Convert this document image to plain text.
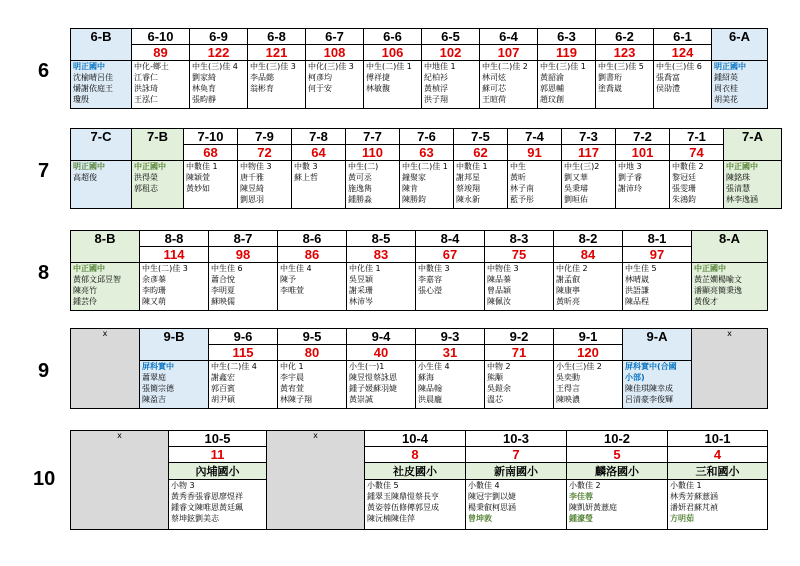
6
6-B	6-10	6-9	6-8	6-7	6-6	6-5	6-4	6-3	6-2	6-1	6-A
	89	122	121	108	106	102	107	119	123	124	

明正國中
沈榆晴呂佳
爝謝依庭王
瓊殷	中化-鄉土
江睿仁
洪詠琦
王泓仁	中生(三)佳 4
劉家綺
林奐育
張畇靜	中生(三)佳 3
李品懿
翁彬育	中化(三)佳 3
柯彥均
何于安	中生(二)佳 1
傅祥捷
林敏馥	中地佳 1
紀柏衫
黃楨浮
洪子翔	中生(二)佳 2
林司炫
蘇可芯
王暄荷	中生(三)佳 1
黃韶渝
郭恩輔
趙玟創	中生(三)佳 5
劉書珩
塗喬崴	中生(三)佳 6
張喬富
侯劭澧	明正國中
鍾紹英
周衣桂
胡美花
7
7-C	7-B	7-10	7-9	7-8	7-7	7-6	7-5	7-4	7-3	7-2	7-1	7-A
		68	72	64	110	63	62	91	117	101	74	

明正國中
高超俊	中正國中
洪得榮
郭租志	中數佳 1
陳穎萱
黃妙如	中物佳 3
唐千雅
陳昱綺
劉恩羽	中數 3
蘇上哲	中生(二)
黃可丞
施逸雋
鍾勝淼	中生(二)佳 1
鐘聚家
陳肯
陳勝鈞	中數佳 1
謝邦星
蔡竣翔
陳永新	中生
黃昕
林子南
藍予彤	中生(三)2
劉又華
吳秉璿
劉晅佑	中地 3
劉子睿
謝沛玲	中數佳 2
黎冠廷
張雯珊
朱鴻鈞	中正國中
陳銘珠
張清慧
林李逸涵
8
8-B	8-8	8-7	8-6	8-5	8-4	8-3	8-2	8-1	8-A
	114	98	86	83	67	75	84	97	

中正國中
黃郁文邱昱智
陳亮竹
鍾芸伶	中生(二)佳 3
余彥蓁
李昀珊
陳又萌	中生佳 6
蕭合悅
李明夏
蘇映儒	中生佳 4
陳予
李唯萱	中化佳 1
吳昱穎
謝采珊
林沛岑	中數佳 3
李嘉容
張心瀅	中物佳 3
陳品蓁
曾品穎
陳佩汝	中化佳 2
謝孟叡
陳康寧
黃昕亮	中生佳 5
林晴崴
洪語謙
陳品程	中正國中
黃芷嫺楊喻文
潘顯亮簡秉逸
黃俊才
9
x	9-B	9-6	9-5	9-4	9-3	9-2	9-1	9-A	x
		115	80	40	31	71	120		

	屏科實中
蕭翠庭
張簡宗德
陳盈吉	中生(二)佳 4
謝鑫宏
郭百賓
胡尹碩	中化 1
李宇晨
黃宥萱
林陳子翔	小生(一)1
陳昱愷蔡詠恩
鍾子媛蘇羽婕
黃崇誠	小生佳 4
蘇海
陳品翰
洪晨龐	中物 2
熊顒
吳鎧余
溫芯	小生(三)佳 2
吳奕動
王得言
陳映濃	屏科實中(合國
小部)
陳佳琪陳幸成
呂清豪李俊輝	
10
x	10-5	x	10-4	10-3	10-2	10-1
	11		8	7	5	4
	內埔國小		社皮國小	新南國小	麟洛國小	三和國小

	小物 3
黃秀香張睿恩廖煜祥
鍾睿文陳唯恩黃廷珮
蔡坤鉉劉美志		小數佳 5
鍾翠玉陳鼎愷蔡長亨
黃姿蓉伍修傳郭昱成
陳沅楠陳佳萍	小數佳 4
陳冠宇劉以婕
楊秉叡柯思涵
曾坤敦	小數佳 2
李佳蓉
陳凱妍黃薏庭
鍾濠瑩	小數佳 1
林秀芳蘇薏涵
潘妍君蘇芃禎
方明茹
